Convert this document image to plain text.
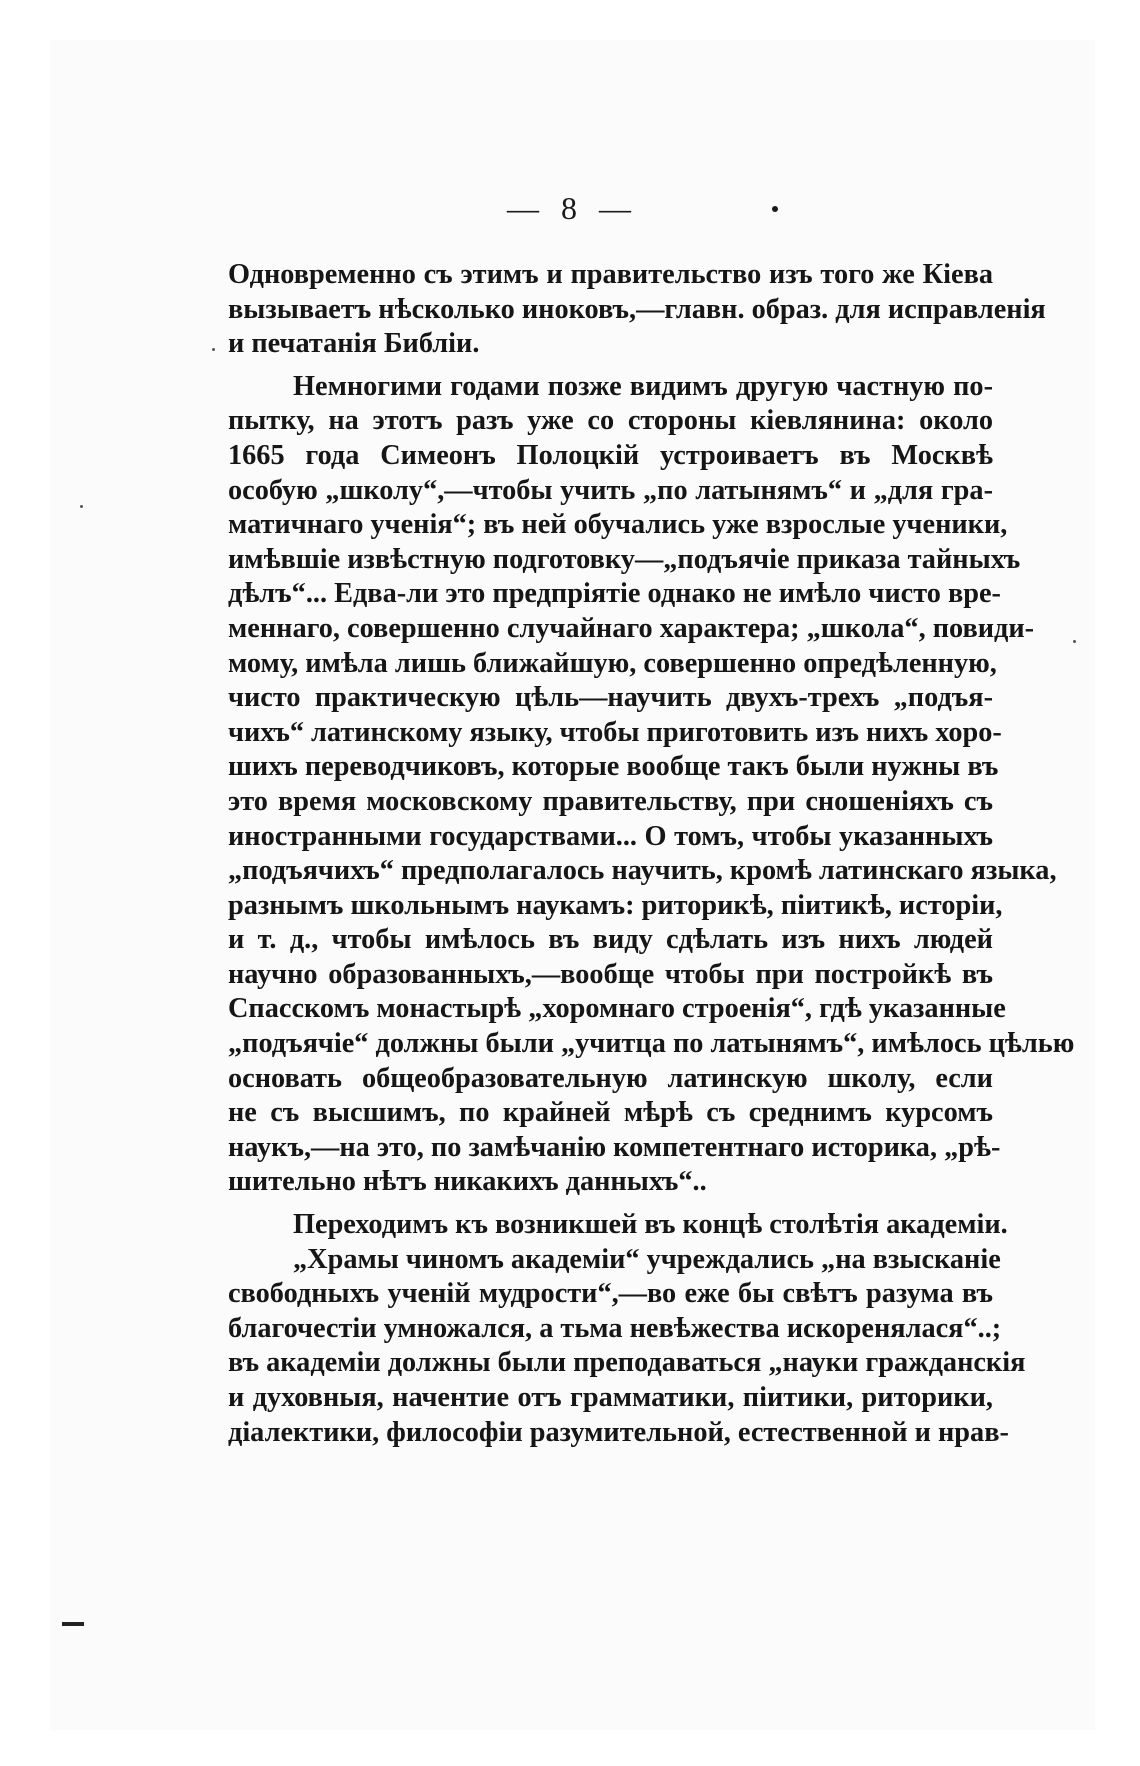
— 8 —
Одновременно съ этимъ и правительство изъ того же Кіева
вызываетъ нѣсколько иноковъ,—главн. образ. для исправленія
и печатанія Библіи.
Немногими годами позже видимъ другую частную по-
пытку, на этотъ разъ уже со стороны кіевлянина: около
1665 года Симеонъ Полоцкій устроиваетъ въ Москвѣ
особую „школу“,—чтобы учить „по латынямъ“ и „для гра-
матичнаго ученія“; въ ней обучались уже взрослые ученики,
имѣвшіе извѣстную подготовку—„подъячіе приказа тайныхъ
дѣлъ“... Едва-ли это предпріятіе однако не имѣло чисто вре-
меннаго, совершенно случайнаго характера; „школа“, повиди-
мому, имѣла лишь ближайшую, совершенно опредѣленную,
чисто практическую цѣль—научить двухъ-трехъ „подъя-
чихъ“ латинскому языку, чтобы приготовить изъ нихъ хоро-
шихъ переводчиковъ, которые вообще такъ были нужны въ
это время московскому правительству, при сношеніяхъ съ
иностранными государствами... О томъ, чтобы указанныхъ
„подъячихъ“ предполагалось научить, кромѣ латинскаго языка,
разнымъ школьнымъ наукамъ: риторикѣ, піитикѣ, исторіи,
и т. д., чтобы имѣлось въ виду сдѣлать изъ нихъ людей
научно образованныхъ,—вообще чтобы при постройкѣ въ
Спасскомъ монастырѣ „хоромнаго строенія“, гдѣ указанные
„подъячіе“ должны были „учитца по латынямъ“, имѣлось цѣлью
основать общеобразовательную латинскую школу, если
не съ высшимъ, по крайней мѣрѣ съ среднимъ курсомъ
наукъ,—на это, по замѣчанію компетентнаго историка, „рѣ-
шительно нѣтъ никакихъ данныхъ“..
Переходимъ къ возникшей въ концѣ столѣтія академіи.
„Храмы чиномъ академіи“ учреждались „на взысканіе
свободныхъ ученій мудрости“,—во еже бы свѣтъ разума въ
благочестіи умножался, а тьма невѣжества искоренялася“..;
въ академіи должны были преподаваться „науки гражданскія
и духовныя, начентие отъ грамматики, піитики, риторики,
діалектики, философіи разумительной, естественной и нрав-
